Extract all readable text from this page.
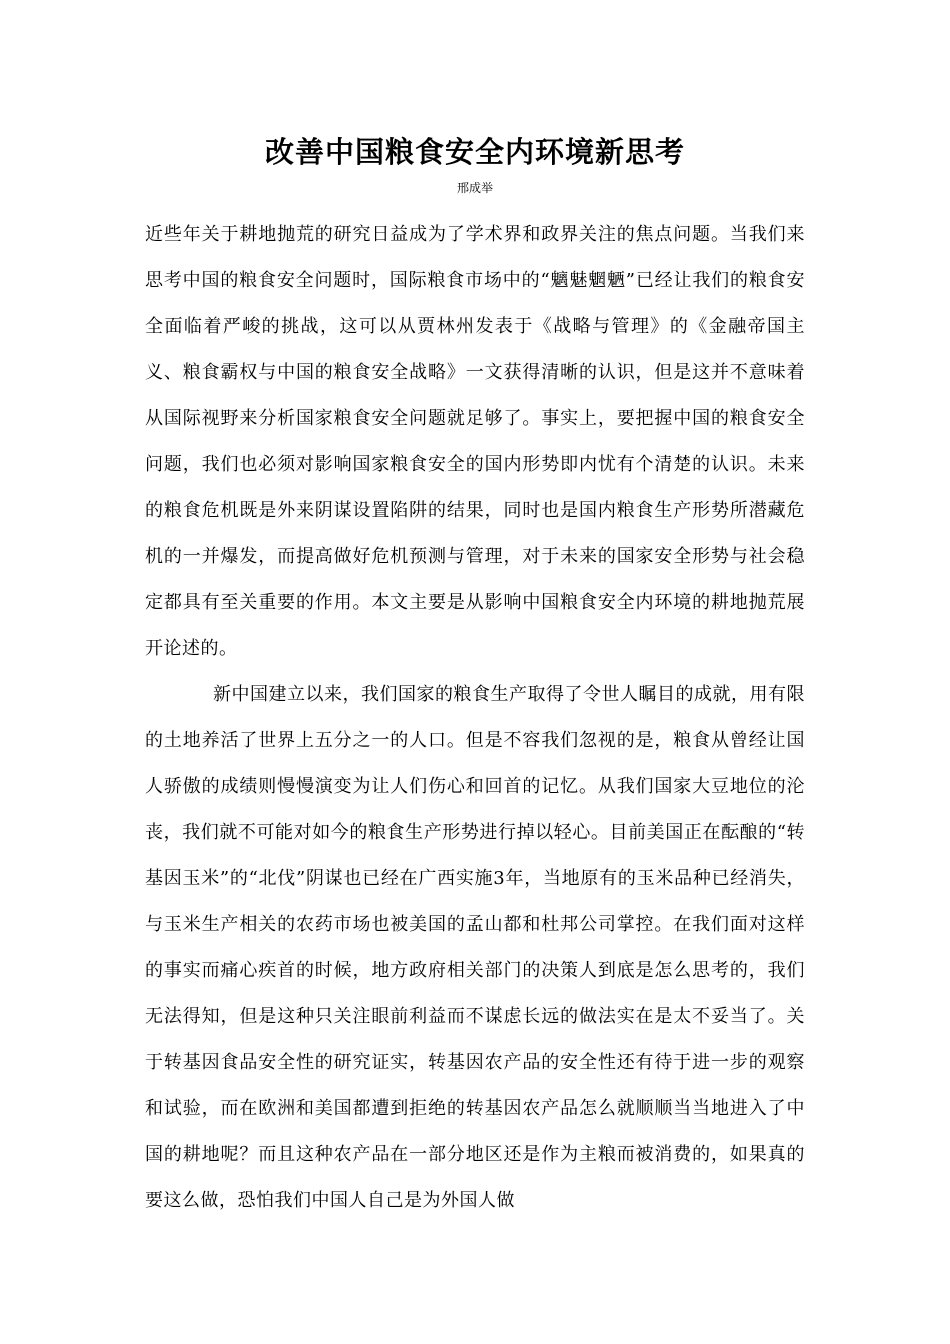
改善中国粮食安全内环境新思考
邢成举

近些年关于耕地抛荒的研究日益成为了学术界和政界关注的焦点问题。当我们来思考中国的粮食安全问题时，国际粮食市场中的“魑魅魍魉”已经让我们的粮食安全面临着严峻的挑战，这可以从贾林州发表于《战略与管理》的《金融帝国主义、粮食霸权与中国的粮食安全战略》一文获得清晰的认识，但是这并不意味着从国际视野来分析国家粮食安全问题就足够了。事实上，要把握中国的粮食安全问题，我们也必须对影响国家粮食安全的国内形势即内忧有个清楚的认识。未来的粮食危机既是外来阴谋设置陷阱的结果，同时也是国内粮食生产形势所潜藏危机的一并爆发，而提高做好危机预测与管理，对于未来的国家安全形势与社会稳定都具有至关重要的作用。本文主要是从影响中国粮食安全内环境的耕地抛荒展开论述的。

新中国建立以来，我们国家的粮食生产取得了令世人瞩目的成就，用有限的土地养活了世界上五分之一的人口。但是不容我们忽视的是，粮食从曾经让国人骄傲的成绩则慢慢演变为让人们伤心和回首的记忆。从我们国家大豆地位的沦丧，我们就不可能对如今的粮食生产形势进行掉以轻心。目前美国正在酝酿的“转基因玉米”的“北伐”阴谋也已经在广西实施3年，当地原有的玉米品种已经消失，与玉米生产相关的农药市场也被美国的孟山都和杜邦公司掌控。在我们面对这样的事实而痛心疾首的时候，地方政府相关部门的决策人到底是怎么思考的，我们无法得知，但是这种只关注眼前利益而不谋虑长远的做法实在是太不妥当了。关于转基因食品安全性的研究证实，转基因农产品的安全性还有待于进一步的观察和试验，而在欧洲和美国都遭到拒绝的转基因农产品怎么就顺顺当当地进入了中国的耕地呢？而且这种农产品在一部分地区还是作为主粮而被消费的，如果真的要这么做，恐怕我们中国人自己是为外国人做
